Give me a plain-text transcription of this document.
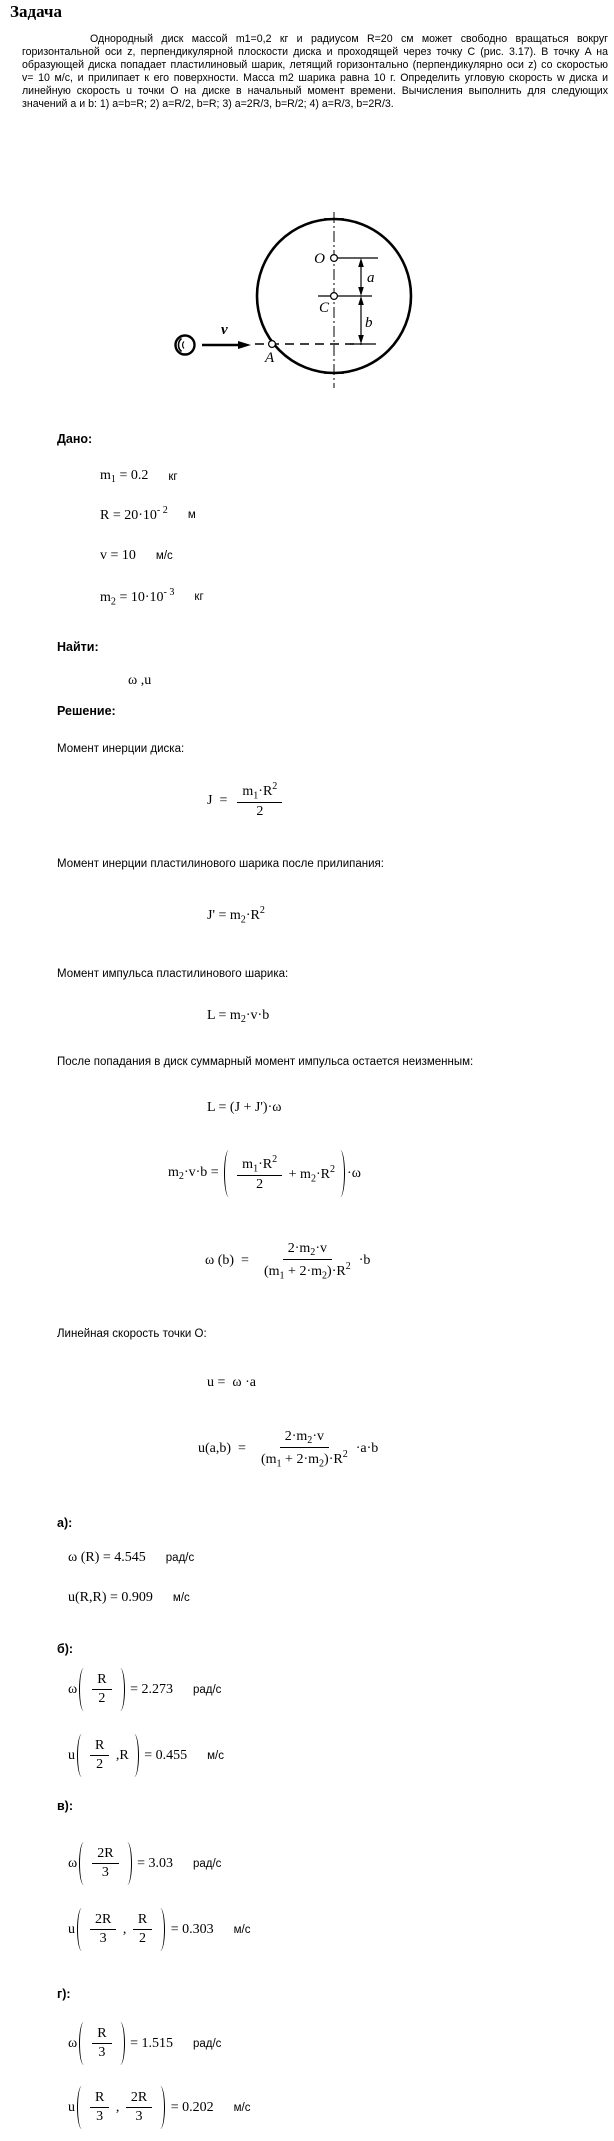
Задача

Однородный диск массой m1=0,2 кг и радиусом R=20 см может свободно вращаться вокруг горизонтальной оси z, перпендикулярной плоскости диска и проходящей через точку C (рис. 3.17). В точку A на образующей диска попадает пластилиновый шарик, летящий горизонтально (перпендикулярно оси z) со скоростью v= 10 м/с, и прилипает к его поверхности. Масса m2 шарика равна 10 г. Определить угловую скорость w диска и линейную скорость u точки O на диске в начальный момент времени. Вычисления выполнить для следующих значений a и b: 1) a=b=R; 2) a=R/2, b=R; 3) a=2R/3, b=R/2; 4) a=R/3, b=2R/3.

O
C
a
b
A
v
Дано:
$m_1 = 0.2$ кг
$R = 20\cdot 10^{- 2}$ м
v = 10 м/с
$m_2 = 10\cdot 10^{- 3}$ кг
Найти:
ω ,u
Решение:
Момент инерции диска:
$J = \frac{m_1\cdot R^2}{2}$
Момент инерции пластилинового шарика после прилипания:
$J' = m_2\cdot R^2$
Момент импульса пластилинового шарика:
$L = m_2\cdot v\cdot b$
После попадания в диск суммарный момент импульса остается неизменным:
L = (J + J')·ω
$m_2\cdot v\cdot b$ =
$m_1\cdot R^2$
2
+ $m_2\cdot R^2 \cdot\omega$
ω $(b) = \frac{2\cdot m_2\cdot v}{(m_1 + 2\cdot m_2)\cdot R^2} \cdot b$
Линейная скорость точки O:
u =  ω ·a
$u(a,b) = \frac{2\cdot m_2\cdot v}{(m_1 + 2\cdot m_2)\cdot R^2} \cdot a\cdot b$
а):
ω (R) = 4.545 рад/с
u(R,R) = 0.909 м/с
б):
ω
R
2
= 2.273 рад/с
u
R
2
,R = 0.455 м/с
в):
ω
2R
3
= 3.03 рад/с
u
2R
3
,
R
2
= 0.303 м/с
г):
ω
R
3
= 1.515 рад/с
u
R
3
,
2R
3
= 0.202 м/с
